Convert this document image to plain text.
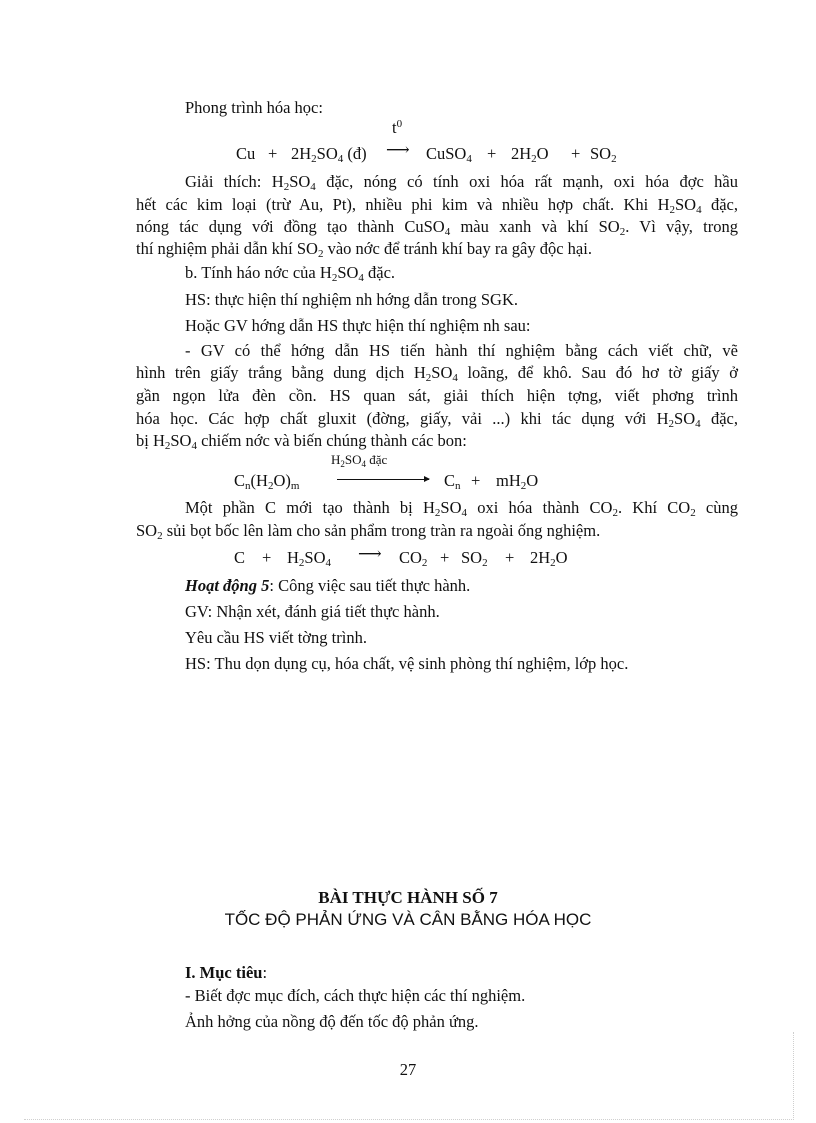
Phong trình hóa học:
$t^0$
$Cu + 2H_2SO_4$ (đ) ⟶ CuSO$_4$ + $2H_2O + SO_2$
Giải thích: $H_2SO_4$ đặc, nóng có tính oxi hóa rất mạnh, oxi hóa đợc hầu
hết các kim loại (trừ Au, Pt), nhiều phi kim và nhiều hợp chất. Khi $H_2SO_4$ đặc,
nóng tác dụng với đồng tạo thành CuSO$_4$ màu xanh và khí $SO_2$. Vì vậy, trong
thí nghiệm phải dẫn khí $SO_2$ vào nớc để tránh khí bay ra gây độc hại.
b. Tính háo nớc của $H_2SO_4$ đặc.
HS: thực hiện thí nghiệm nh hớng dẫn trong SGK.
Hoặc GV hớng dẫn HS thực hiện thí nghiệm nh sau:
- GV có thể hớng dẫn HS tiến hành thí nghiệm bằng cách viết chữ, vẽ
hình trên giấy trắng bằng dung dịch $H_2SO_4$ loãng, để khô. Sau đó hơ tờ giấy ở
gần ngọn lửa đèn cồn. HS quan sát, giải thích hiện tợng, viết phơng trình
hóa học. Các hợp chất gluxit (đờng, giấy, vải ...) khi tác dụng với $H_2SO_4$ đặc,
bị $H_2SO_4$ chiếm nớc và biến chúng thành các bon:
$H_2SO_4$ đặc
$C_n(H_2O)_m$	$C_n + mH_2O$
Một phần C mới tạo thành bị $H_2SO_4$ oxi hóa thành $CO_2$. Khí $CO_2$ cùng
$SO_2$ sủi bọt bốc lên làm cho sản phẩm trong tràn ra ngoài ống nghiệm.
$C + H_2SO_4$ ⟶ $CO_2 + SO_2 + 2H_2O$
Hoạt động 5: Công việc sau tiết thực hành.
GV: Nhận xét, đánh giá tiết thực hành.
Yêu cầu HS viết tờng trình.
HS: Thu dọn dụng cụ, hóa chất, vệ sinh phòng thí nghiệm, lớp học.
BÀI THỰC HÀNH SỐ 7
TỐC ĐỘ PHẢN ỨNG VÀ CÂN BẰNG HÓA HỌC
I. Mục tiêu:
- Biết đợc mục đích, cách thực hiện các thí nghiệm.
Ảnh hởng của nồng độ đến tốc độ phản ứng.
27
